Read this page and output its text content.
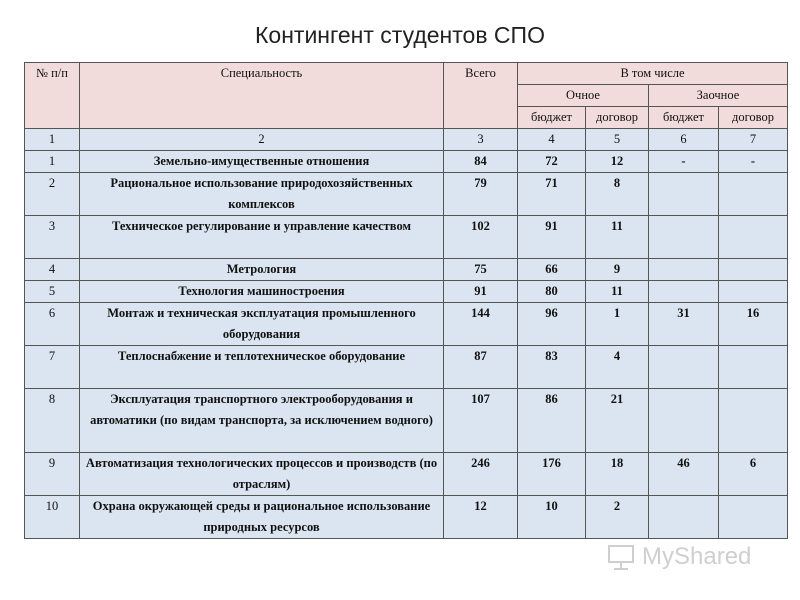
Контингент студентов СПО
№ п/п	Специальность	Всего	В том числе			
			Очное		Заочное	
			бюджет	договор	бюджет	договор
1	2	3	4	5	6	7
1	Земельно-имущественные отношения	84	72	12	-	-
2	Рациональное использование природохозяйственных комплексов	79	71	8		
3	Техническое регулирование и управление качеством	102	91	11		
4	Метрология	75	66	9		
5	Технология машиностроения	91	80	11		
6	Монтаж и техническая эксплуатация промышленного оборудования	144	96	1	31	16
7	Теплоснабжение и теплотехническое оборудование	87	83	4		
8	Эксплуатация транспортного электрооборудования и автоматики (по видам транспорта, за исключением водного)	107	86	21		
9	Автоматизация технологических процессов и производств (по отраслям)	246	176	18	46	6
10	Охрана окружающей среды и рациональное использование природных ресурсов	12	10	2		
MyShared
